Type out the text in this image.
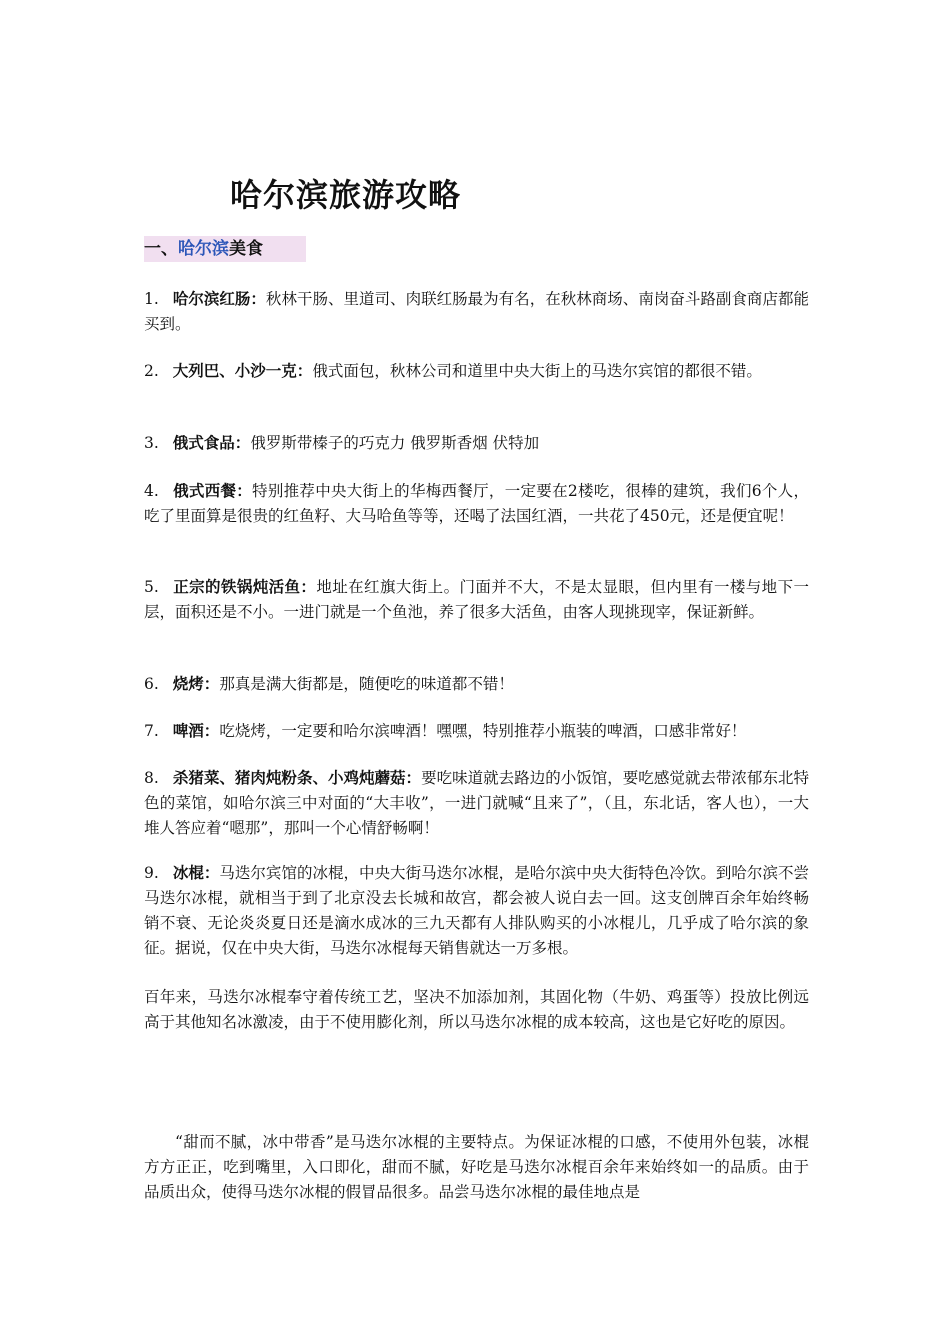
哈尔滨旅游攻略
一、哈尔滨美食

1. 哈尔滨红肠：秋林干肠、里道司、肉联红肠最为有名，在秋林商场、南岗奋斗路副食商店都能买到。

2. 大列巴、小沙一克：俄式面包，秋林公司和道里中央大街上的马迭尔宾馆的都很不错。

3. 俄式食品：俄罗斯带榛子的巧克力 俄罗斯香烟 伏特加

4. 俄式西餐：特别推荐中央大街上的华梅西餐厅，一定要在2楼吃，很棒的建筑，我们6个人，吃了里面算是很贵的红鱼籽、大马哈鱼等等，还喝了法国红酒，一共花了450元，还是便宜呢！

5. 正宗的铁锅炖活鱼：地址在红旗大街上。门面并不大，不是太显眼，但内里有一楼与地下一层，面积还是不小。一进门就是一个鱼池，养了很多大活鱼，由客人现挑现宰，保证新鲜。

6. 烧烤：那真是满大街都是，随便吃的味道都不错！

7. 啤酒：吃烧烤，一定要和哈尔滨啤酒！嘿嘿，特别推荐小瓶装的啤酒，口感非常好！

8. 杀猪菜、猪肉炖粉条、小鸡炖蘑菇：要吃味道就去路边的小饭馆，要吃感觉就去带浓郁东北特色的菜馆，如哈尔滨三中对面的“大丰收”，一进门就喊“且来了”，（且，东北话，客人也），一大堆人答应着“嗯那”，那叫一个心情舒畅啊！

9. 冰棍：马迭尔宾馆的冰棍，中央大街马迭尔冰棍，是哈尔滨中央大街特色冷饮。到哈尔滨不尝马迭尔冰棍，就相当于到了北京没去长城和故宫，都会被人说白去一回。这支创牌百余年始终畅销不衰、无论炎炎夏日还是滴水成冰的三九天都有人排队购买的小冰棍儿，几乎成了哈尔滨的象征。据说，仅在中央大街，马迭尔冰棍每天销售就达一万多根。

百年来，马迭尔冰棍奉守着传统工艺，坚决不加添加剂，其固化物（牛奶、鸡蛋等）投放比例远高于其他知名冰激凌，由于不使用膨化剂，所以马迭尔冰棍的成本较高，这也是它好吃的原因。

“甜而不腻，冰中带香”是马迭尔冰棍的主要特点。为保证冰棍的口感，不使用外包装，冰棍方方正正，吃到嘴里，入口即化，甜而不腻，好吃是马迭尔冰棍百余年来始终如一的品质。由于品质出众，使得马迭尔冰棍的假冒品很多。品尝马迭尔冰棍的最佳地点是
